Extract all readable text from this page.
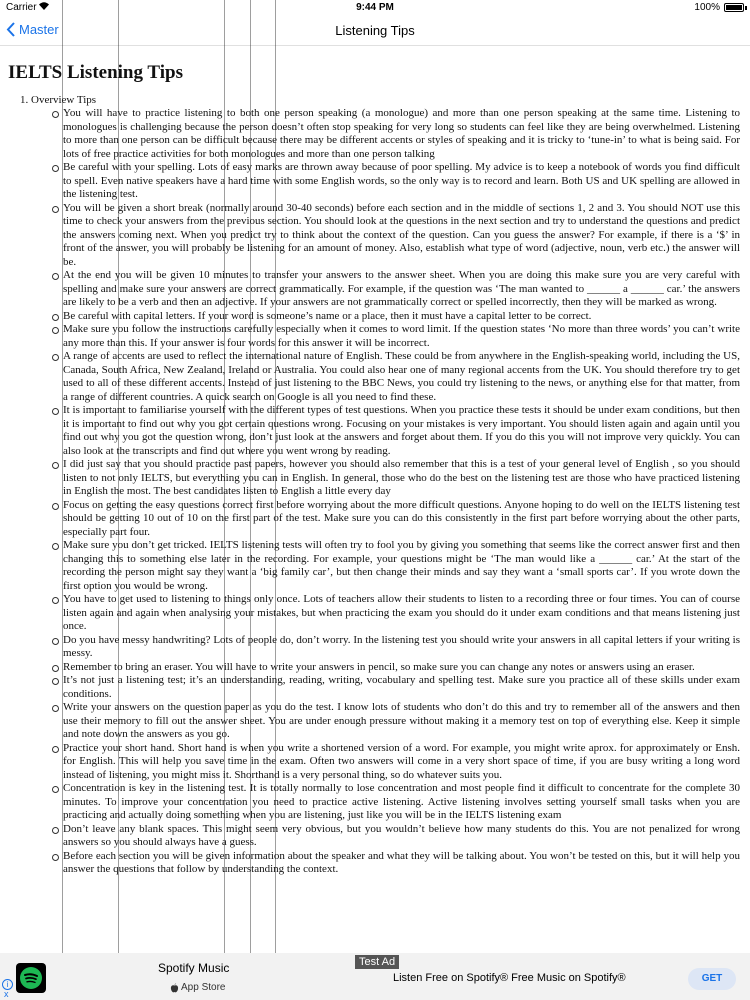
Carrier	9:44 PM	100%
Master	Listening Tips
IELTS Listening Tips
1. Overview Tips
You will have to practice listening to both one person speaking (a monologue) and more than one person speaking at the same time. Listening to monologues is challenging because the person doesn’t often stop speaking for very long so students can feel like they are being overwhelmed. Listening to more than one person can be difficult because there may be different accents or styles of speaking and it is tricky to ‘tune-in’ to what is being said. For lots of free practice activities for both monologues and more than one person talking
Be careful with your spelling. Lots of easy marks are thrown away because of poor spelling. My advice is to keep a notebook of words you find difficult to spell. Even native speakers have a hard time with some English words, so the only way is to record and learn. Both US and UK spelling are allowed in the listening test.
You will be given a short break (normally around 30-40 seconds) before each section and in the middle of sections 1, 2 and 3. You should NOT use this time to check your answers from the previous section. You should look at the questions in the next section and try to understand the questions and predict the answers coming next. When you predict try to think about the context of the question. Can you guess the answer? For example, if there is a ‘$’ in front of the answer, you will probably be listening for an amount of money. Also, establish what type of word (adjective, noun, verb etc.) the answer will be.
At the end you will be given 10 minutes to transfer your answers to the answer sheet. When you are doing this make sure you are very careful with spelling and make sure your answers are correct grammatically. For example, if the question was ‘The man wanted to ______ a ______ car.’ the answers are likely to be a verb and then an adjective. If your answers are not grammatically correct or spelled incorrectly, then they will be marked as wrong.
Be careful with capital letters. If your word is someone’s name or a place, then it must have a capital letter to be correct.
Make sure you follow the instructions carefully especially when it comes to word limit. If the question states ‘No more than three words’ you can’t write any more than this. If your answer is four words for this answer it will be incorrect.
A range of accents are used to reflect the international nature of English. These could be from anywhere in the English-speaking world, including the US, Canada, South Africa, New Zealand, Ireland or Australia. You could also hear one of many regional accents from the UK. You should therefore try to get used to all of these different accents. Instead of just listening to the BBC News, you could try listening to the news, or anything else for that matter, from a range of different countries. A quick search on Google is all you need to find these.
It is important to familiarise yourself with the different types of test questions. When you practice these tests it should be under exam conditions, but then it is important to find out why you got certain questions wrong. Focusing on your mistakes is very important. You should listen again and again until you find out why you got the question wrong, don’t just look at the answers and forget about them. If you do this you will not improve very quickly. You can also look at the transcripts and find out where you went wrong by reading.
I did just say that you should practice past papers, however you should also remember that this is a test of your general level of English , so you should listen to not only IELTS, but everything you can in English. In general, those who do the best on the listening test are those who have practiced listening in English the most. The best candidates listen to English a little every day
Focus on getting the easy questions correct first before worrying about the more difficult questions. Anyone hoping to do well on the IELTS listening test should be getting 10 out of 10 on the first part of the test. Make sure you can do this consistently in the first part before worrying about the other parts, especially part four.
Make sure you don’t get tricked. IELTS listening tests will often try to fool you by giving you something that seems like the correct answer first and then changing this to something else later in the recording. For example, your questions might be ‘The man would like a ______ car.’ At the start of the recording the person might say they want a ‘big family car’, but then change their minds and say they want a ‘small sports car’. If you wrote down the first option you would be wrong.
You have to get used to listening to things only once. Lots of teachers allow their students to listen to a recording three or four times. You can of course listen again and again when analysing your mistakes, but when practicing the exam you should do it under exam conditions and that means listening just once.
Do you have messy handwriting? Lots of people do, don’t worry. In the listening test you should write your answers in all capital letters if your writing is messy.
Remember to bring an eraser. You will have to write your answers in pencil, so make sure you can change any notes or answers using an eraser.
It’s not just a listening test; it’s an understanding, reading, writing, vocabulary and spelling test. Make sure you practice all of these skills under exam conditions.
Write your answers on the question paper as you do the test. I know lots of students who don’t do this and try to remember all of the answers and then use their memory to fill out the answer sheet. You are under enough pressure without making it a memory test on top of everything else. Keep it simple and note down the answers as you go.
Practice your short hand. Short hand is when you write a shortened version of a word. For example, you might write aprox. for approximately or Ensh. for English. This will help you save time in the exam. Often two answers will come in a very short space of time, if you are busy writing a long word instead of listening, you might miss it. Shorthand is a very personal thing, so do whatever suits you.
Concentration is key in the listening test. It is totally normally to lose concentration and most people find it difficult to concentrate for the complete 30 minutes. To improve your concentration you need to practice active listening. Active listening involves setting yourself small tasks when you are practicing and actually doing something when you are listening, just like you will be in the IELTS listening exam
Don’t leave any blank spaces. This might seem very obvious, but you wouldn’t believe how many students do this. You are not penalized for wrong answers so you should always have a guess.
Before each section you will be given information about the speaker and what they will be talking about. You won’t be tested on this, but it will help you answer the questions that follow by understanding the context.
i
x
Spotify Music
App Store
Listen Free on Spotify® Free Music on Spotify®	GET
Test Ad
